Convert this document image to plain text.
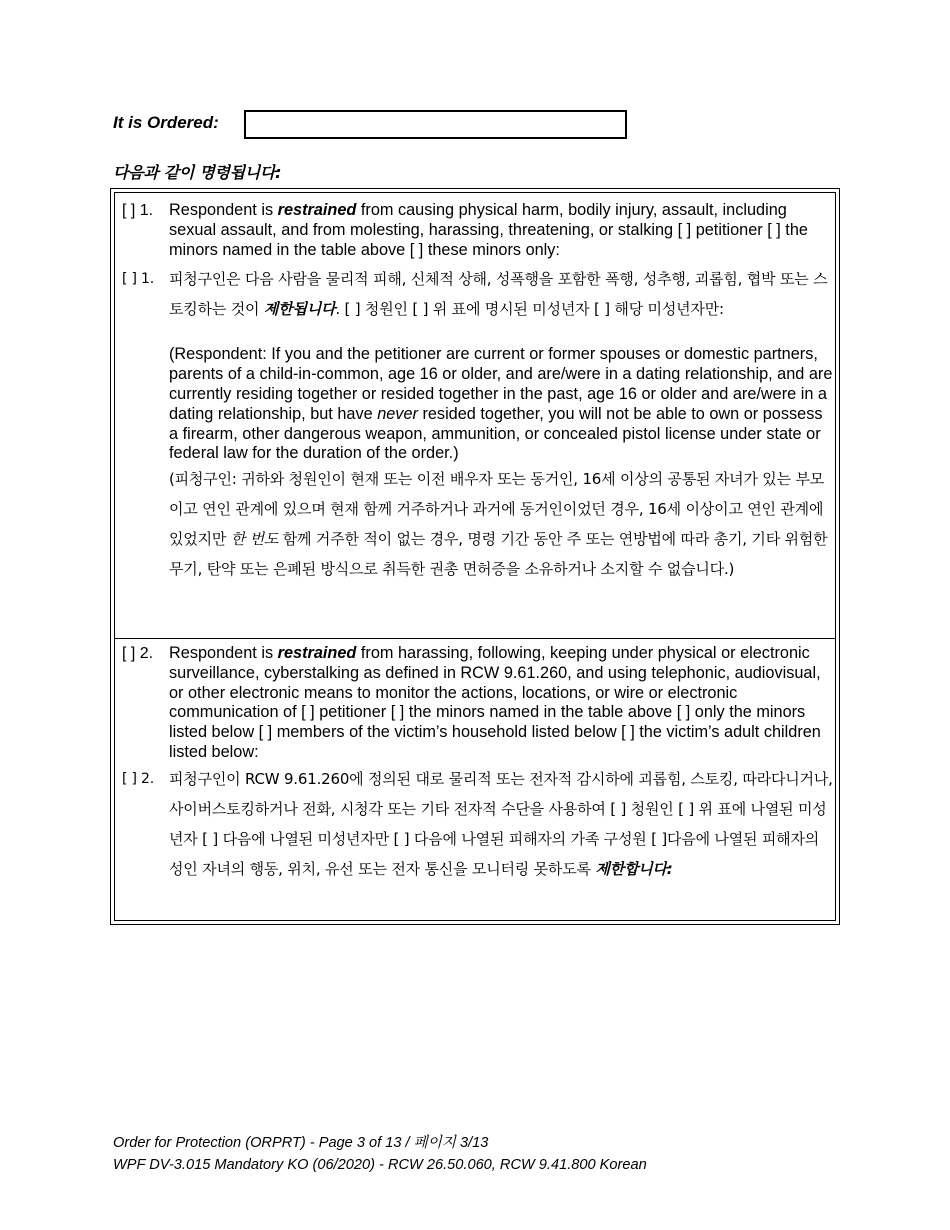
It is Ordered:
다음과 같이 명령됩니다:
[ ] 1. Respondent is restrained from causing physical harm, bodily injury, assault, including sexual assault, and from molesting, harassing, threatening, or stalking [ ] petitioner [ ] the minors named in the table above [ ] these minors only:
[ ] 1. 피청구인은 다음 사람을 물리적 피해, 신체적 상해, 성폭행을 포함한 폭행, 성추행, 괴롭힘, 협박 또는 스토킹하는 것이 제한됩니다. [ ] 청원인 [ ] 위 표에 명시된 미성년자 [ ] 해당 미성년자만:
(Respondent: If you and the petitioner are current or former spouses or domestic partners, parents of a child-in-common, age 16 or older, and are/were in a dating relationship, and are currently residing together or resided together in the past, age 16 or older and are/were in a dating relationship, but have never resided together, you will not be able to own or possess a firearm, other dangerous weapon, ammunition, or concealed pistol license under state or federal law for the duration of the order.)
(피청구인: 귀하와 청원인이 현재 또는 이전 배우자 또는 동거인, 16세 이상의 공통된 자녀가 있는 부모이고 연인 관계에 있으며 현재 함께 거주하거나 과거에 동거인이었던 경우, 16세 이상이고 연인 관계에 있었지만 한 번도 함께 거주한 적이 없는 경우, 명령 기간 동안 주 또는 연방법에 따라 총기, 기타 위험한 무기, 탄약 또는 은폐된 방식으로 취득한 권총 면허증을 소유하거나 소지할 수 없습니다.)
[ ] 2. Respondent is restrained from harassing, following, keeping under physical or electronic surveillance, cyberstalking as defined in RCW 9.61.260, and using telephonic, audiovisual, or other electronic means to monitor the actions, locations, or wire or electronic communication of [ ] petitioner [ ] the minors named in the table above [ ] only the minors listed below [ ] members of the victim’s household listed below [ ] the victim’s adult children listed below:
[ ] 2. 피청구인이 RCW 9.61.260에 정의된 대로 물리적 또는 전자적 감시하에 괴롭힘, 스토킹, 따라다니거나, 사이버스토킹하거나 전화, 시청각 또는 기타 전자적 수단을 사용하여 [ ] 청원인 [ ] 위 표에 나열된 미성년자 [ ] 다음에 나열된 미성년자만 [ ] 다음에 나열된 피해자의 가족 구성원 [ ]다음에 나열된 피해자의 성인 자녀의 행동, 위치, 유선 또는 전자 통신을 모니터링 못하도록 제한합니다:
Order for Protection (ORPRT) - Page 3 of 13 / 페이지 3/13
WPF DV-3.015 Mandatory KO (06/2020) - RCW 26.50.060, RCW 9.41.800 Korean
